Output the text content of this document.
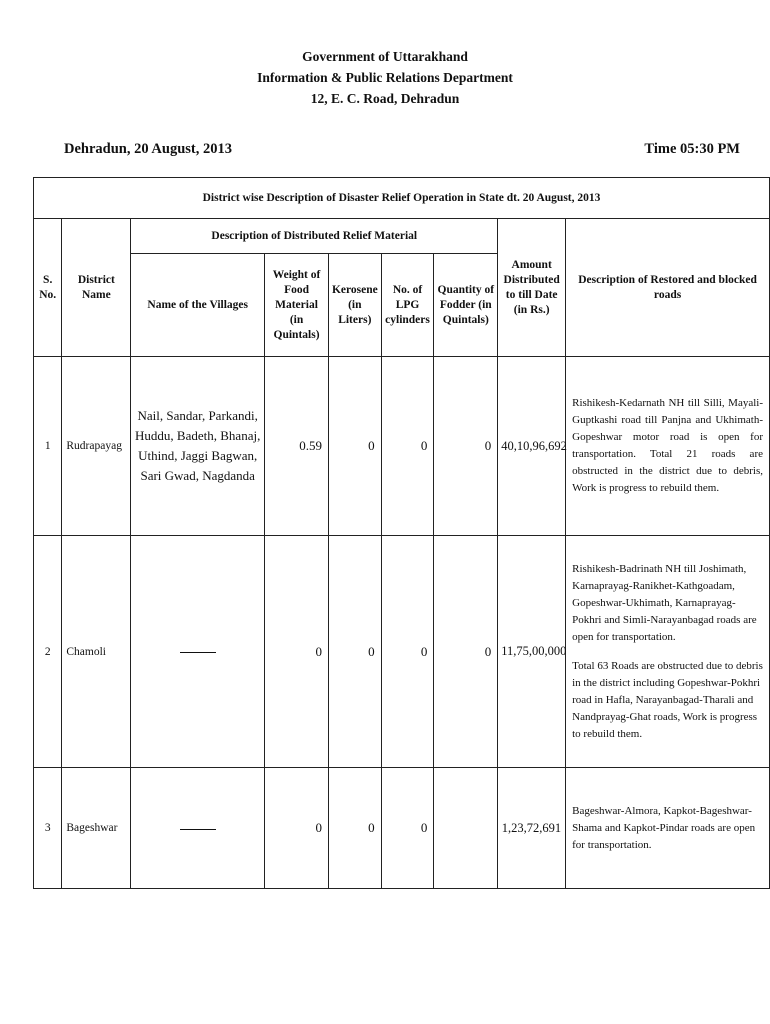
Government of Uttarakhand
Information & Public Relations Department
12, E. C. Road, Dehradun
Dehradun, 20 August, 2013	Time 05:30 PM
District wise Description of Disaster Relief Operation in State dt. 20 August, 2013								
S. No.	District Name	Description of Distributed Relief Material					Amount Distributed to till Date (in Rs.)	Description of Restored and blocked roads
		Name of the Villages	Weight of Food Material (in Quintals)	Kerosene (in Liters)	No. of LPG cylinders	Quantity of Fodder (in Quintals)		
1	Rudrapayag	Nail, Sandar, Parkandi, Huddu, Badeth, Bhanaj, Uthind, Jaggi Bagwan, Sari Gwad, Nagdanda	0.59	0	0	0	40,10,96,692	Rishikesh-Kedarnath NH till Silli, Mayali-Guptkashi road till Panjna and Ukhimath-Gopeshwar motor road is open for transportation. Total 21 roads are obstructed in the district due to debris, Work is progress to rebuild them.

2	Chamoli		0	0	0	0	11,75,00,000	Rishikesh-Badrinath NH till Joshimath, Karnaprayag-Ranikhet-Kathgoadam, Gopeshwar-Ukhimath, Karnaprayag-Pokhri and Simli-Narayanbagad roads are open for transportation.

Total 63 Roads are obstructed due to debris in the district including Gopeshwar-Pokhri road in Hafla, Narayanbagad-Tharali and Nandprayag-Ghat roads, Work is progress to rebuild them.

3	Bageshwar		0	0	0		1,23,72,691	Bageshwar-Almora, Kapkot-Bageshwar-Shama and Kapkot-Pindar roads are open for transportation.
